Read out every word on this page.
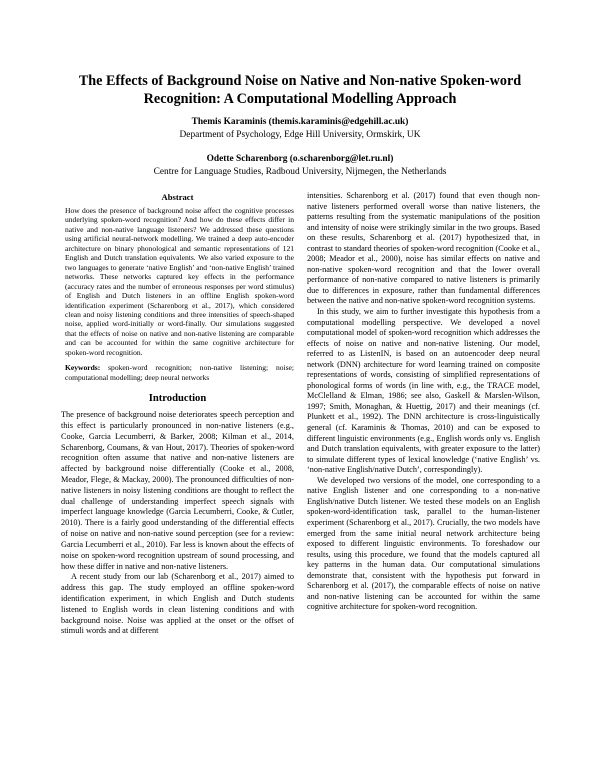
The Effects of Background Noise on Native and Non-native Spoken-word Recognition: A Computational Modelling Approach
Themis Karaminis (themis.karaminis@edgehill.ac.uk)
Department of Psychology, Edge Hill University, Ormskirk, UK
Odette Scharenborg (o.scharenborg@let.ru.nl)
Centre for Language Studies, Radboud University, Nijmegen, the Netherlands
Abstract

How does the presence of background noise affect the cognitive processes underlying spoken-word recognition? And how do these effects differ in native and non-native language listeners? We addressed these questions using artificial neural-network modelling. We trained a deep auto-encoder architecture on binary phonological and semantic representations of 121 English and Dutch translation equivalents. We also varied exposure to the two languages to generate ‘native English’ and ‘non-native English’ trained networks. These networks captured key effects in the performance (accuracy rates and the number of erroneous responses per word stimulus) of English and Dutch listeners in an offline English spoken-word identification experiment (Scharenborg et al., 2017), which considered clean and noisy listening conditions and three intensities of speech-shaped noise, applied word-initially or word-finally. Our simulations suggested that the effects of noise on native and non-native listening are comparable and can be accounted for within the same cognitive architecture for spoken-word recognition.

Keywords: spoken-word recognition; non-native listening; noise; computational modelling; deep neural networks

Introduction

The presence of background noise deteriorates speech perception and this effect is particularly pronounced in non-native listeners (e.g., Cooke, Garcia Lecumberri, & Barker, 2008; Kilman et al., 2014, Scharenborg, Coumans, & van Hout, 2017). Theories of spoken-word recognition often assume that native and non-native listeners are affected by background noise differentially (Cooke et al., 2008, Meador, Flege, & Mackay, 2000). The pronounced difficulties of non-native listeners in noisy listening conditions are thought to reflect the dual challenge of understanding imperfect speech signals with imperfect language knowledge (Garcia Lecumberri, Cooke, & Cutler, 2010). There is a fairly good understanding of the differential effects of noise on native and non-native sound perception (see for a review: Garcia Lecumberri et al., 2010). Far less is known about the effects of noise on spoken-word recognition upstream of sound processing, and how these differ in native and non-native listeners.

A recent study from our lab (Scharenborg et al., 2017) aimed to address this gap. The study employed an offline spoken-word identification experiment, in which English and Dutch students listened to English words in clean listening conditions and with background noise. Noise was applied at the onset or the offset of stimuli words and at different

intensities. Scharenborg et al. (2017) found that even though non-native listeners performed overall worse than native listeners, the patterns resulting from the systematic manipulations of the position and intensity of noise were strikingly similar in the two groups. Based on these results, Scharenborg et al. (2017) hypothesized that, in contrast to standard theories of spoken-word recognition (Cooke et al., 2008; Meador et al., 2000), noise has similar effects on native and non-native spoken-word recognition and that the lower overall performance of non-native compared to native listeners is primarily due to differences in exposure, rather than fundamental differences between the native and non-native spoken-word recognition systems.

In this study, we aim to further investigate this hypothesis from a computational modelling perspective. We developed a novel computational model of spoken-word recognition which addresses the effects of noise on native and non-native listening. Our model, referred to as ListenIN, is based on an autoencoder deep neural network (DNN) architecture for word learning trained on composite representations of words, consisting of simplified representations of phonological forms of words (in line with, e.g., the TRACE model, McClelland & Elman, 1986; see also, Gaskell & Marslen-Wilson, 1997; Smith, Monaghan, & Huettig, 2017) and their meanings (cf. Plunkett et al., 1992). The DNN architecture is cross-linguistically general (cf. Karaminis & Thomas, 2010) and can be exposed to different linguistic environments (e.g., English words only vs. English and Dutch translation equivalents, with greater exposure to the latter) to simulate different types of lexical knowledge (‘native English’ vs. ‘non-native English/native Dutch’, correspondingly).

We developed two versions of the model, one corresponding to a native English listener and one corresponding to a non-native English/native Dutch listener. We tested these models on an English spoken-word-identification task, parallel to the human-listener experiment (Scharenborg et al., 2017). Crucially, the two models have emerged from the same initial neural network architecture being exposed to different linguistic environments. To foreshadow our results, using this procedure, we found that the models captured all key patterns in the human data. Our computational simulations demonstrate that, consistent with the hypothesis put forward in Scharenborg et al. (2017), the comparable effects of noise on native and non-native listening can be accounted for within the same cognitive architecture for spoken-word recognition.
